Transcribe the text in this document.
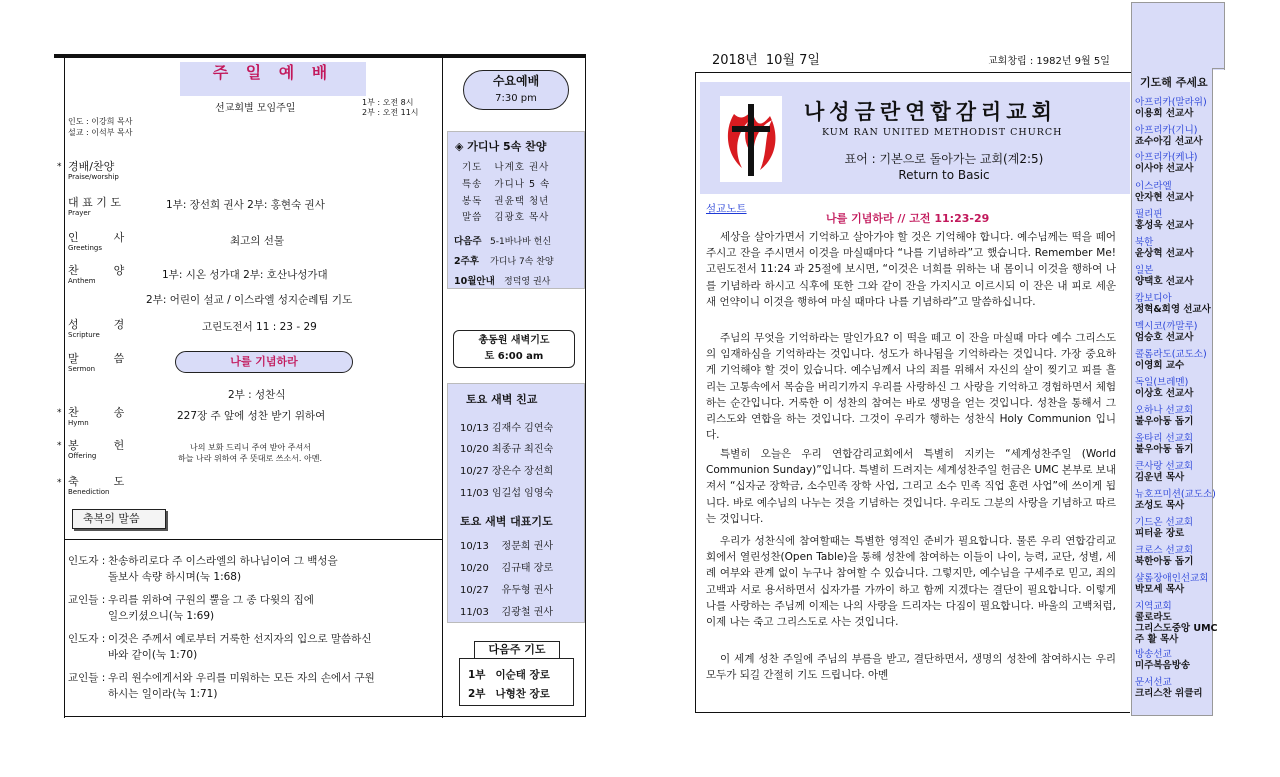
주 일 예 배
선교회별 모임주일
1부 : 오전 8시
2부 : 오전 11시
인도 : 이강희 목사
설교 : 이석부 목사
* 경배/찬양
Praise/worship
대 표 기 도
Prayer
1부: 장선희 권사 2부: 홍현숙 권사
인          사
Greetings
최고의 선물
찬          양
Anthem	1부: 시온 성가대 2부: 호산나성가대
2부: 어린이 설교 / 이스라엘 성지순례팀 기도
성          경
Scripture
고린도전서 11 : 23 - 29
말          씀
Sermon
나를 기념하라
2부 : 성찬식
* 찬          송
Hymn
227장 주 앞에 성찬 받기 위하여
* 봉          헌
Offering
나의 보화 드리니 주여 받아 주셔서
하늘 나라 위하여 주 뜻대로 쓰소서. 아멘.
* 축          도
Benediction
축복의 말씀
인도자 : 찬송하리로다 주 이스라엘의 하나님이여 그 백성을
돌보사 속량 하시며(눅 1:68)
교인들 : 우리를 위하여 구원의 뿔을 그 종 다윗의 집에
일으키셨으니(눅 1:69)
인도자 : 이것은 주께서 예로부터 거룩한 선지자의 입으로 말씀하신
바와 같이(눅 1:70)
교인들 : 우리 원수에게서와 우리를 미워하는 모든 자의 손에서 구원
하시는 일이라(눅 1:71)
수요예배
7:30 pm
◈ 가디나 5속 찬양
기도 나계호 권사
특송 가디나 5 속
봉독 권윤택 청년
말씀 김광호 목사
다음주 5-1바나바 헌신
2주후 가디나 7속 찬양
10월안내 정덕영 권사
총동원 새벽기도
토 6:00 am
토요 새벽 친교
10/13 김재수 김연숙
10/20 최종규 최진숙
10/27 장은수 장선희
11/03 임길섭 임영숙
토요 새벽 대표기도
10/13    정문희 권사
10/20    김규태 장로
10/27    유두형 권사
11/03    김광철 권사
다음주 기도
1부 이순태 장로
2부 나형찬 장로
2018년  10월 7일	교회창립 : 1982년 9월 5일
나성금란연합감리교회
KUM RAN UNITED METHODIST CHURCH
표어 : 기본으로 돌아가는 교회(계2:5)
Return to Basic
설교노트
나를 기념하라 // 고전 11:23-29
세상을 살아가면서 기억하고 살아가야 할 것은 기억해야 합니다. 예수님께는 떡을 떼어 주시고 잔을 주시면서 이것을 마실때마다 “나를 기념하라”고 했습니다. Remember Me! 고린도전서 11:24 과 25절에 보시면, “이것은 너희를 위하는 내 몸이니 이것을 행하여 나를 기념하라 하시고 식후에 또한 그와 같이 잔을 가지시고 이르시되 이 잔은 내 피로 세운 새 언약이니 이것을 행하여 마실 때마다 나를 기념하라”고 말씀하십니다.
주님의 무엇을 기억하라는 말인가요? 이 떡을 떼고 이 잔을 마실때 마다 예수 그리스도의 임재하심을 기억하라는 것입니다. 성도가 하나됨을 기억하라는 것입니다. 가장 중요하게 기억해야 할 것이 있습니다. 예수님께서 나의 죄를 위해서 자신의 살이 찢기고 피를 흘리는 고통속에서 목숨을 버리기까지 우리를 사랑하신 그 사랑을 기억하고 경험하면서 체험하는 순간입니다. 거룩한 이 성찬의 참여는 바로 생명을 얻는 것입니다. 성찬을 통해서 그리스도와 연합을 하는 것입니다. 그것이 우리가 행하는 성찬식 Holy Communion 입니다.
특별히 오늘은 우리 연합감리교회에서 특별히 지키는 “세계성찬주일 (World Communion Sunday)”입니다. 특별히 드려지는 세계성찬주일 헌금은 UMC 본부로 보내져서 “십자군 장학금, 소수민족 장학 사업, 그리고 소수 민족 직업 훈련 사업”에 쓰이게 됩니다. 바로 예수님의 나누는 것을 기념하는 것입니다. 우리도 그분의 사랑을 기념하고 따르는 것입니다.
우리가 성찬식에 참여할때는 특별한 영적인 준비가 필요합니다. 물론 우리 연합감리교회에서 열린성찬(Open Table)을 통해 성찬에 참여하는 이들이 나이, 능력, 교단, 성별, 세례 여부와 관계 없이 누구나 참여할 수 있습니다. 그렇지만, 예수님을 구세주로 믿고, 죄의 고백과 서로 용서하면서 십자가를 가까이 하고 함께 지겠다는 결단이 필요합니다. 이렇게 나를 사랑하는 주님께 이제는 나의 사랑을 드리자는 다짐이 필요합니다. 바울의 고백처럼, 이제 나는 죽고 그리스도로 사는 것입니다.
이 세계 성찬 주일에 주님의 부름을 받고, 결단하면서, 생명의 성찬에 참여하시는 우리 모두가 되길 간절히 기도 드립니다. 아멘
기도해 주세요
아프리카(말라위)
이용희 선교사
아프리카(기니)
죠수아김 선교사
아프리카(케냐)
이사야 선교사
이스라엘
안자현 선교사
필리핀
홍성욱 선교사
북한
윤상혁 선교사
일본
양택호 선교사
캄보디아
정혁&희영 선교사
멕시코(까말루)
엄승호 선교사
콜롬라도(교도소)
이영희 교수
독일(브레멘)
이상호 선교사
오하나 선교회
불우아동 돕기
올타리 선교회
불우아동 돕기
큰사랑 선교회
김운년 목사
뉴호프미션(교도소)
조성도 목사
기드온 선교회
피터윤 장로
크로스 선교회
북한아동 돕기
샬롬장애인선교회
박모세 목사
지역교회
콜로라도
그리스도중앙 UMC
주 활 목사
방송선교
미주복음방송
문서선교
크리스찬 위클리
